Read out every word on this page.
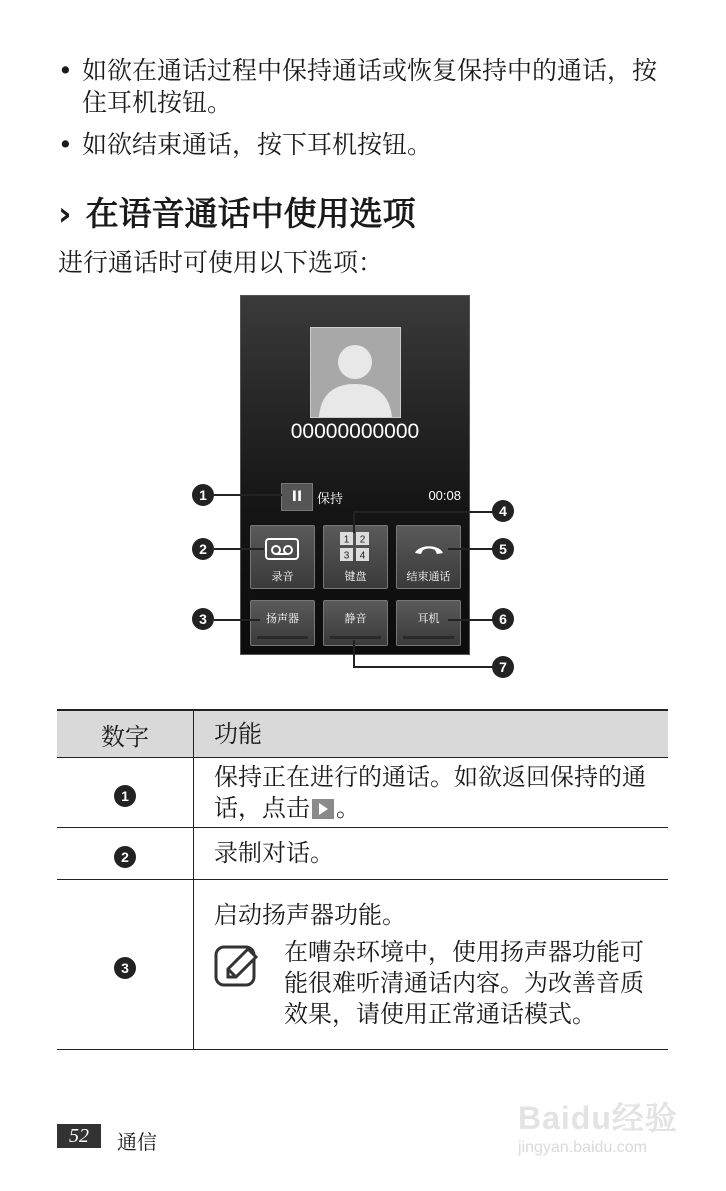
• 如欲在通话过程中保持通话或恢复保持中的通话，按住耳机按钮。
• 如欲结束通话，按下耳机按钮。
› 在语音通话中使用选项
进行通话时可使用以下选项：
00000000000
II	保持	00:08
录音
1 2
3 4
键盘	结束通话
扬声器	静音	耳机
1
2
3
4
5
6
7
数字	功能
1	保持正在进行的通话。如欲返回保持的通话，点击 。
2	录制对话。
3	启动扬声器功能。
在嘈杂环境中，使用扬声器功能可能很难听清通话内容。为改善音质效果，请使用正常通话模式。
52	通信
Baidu经验
jingyan.baidu.com
